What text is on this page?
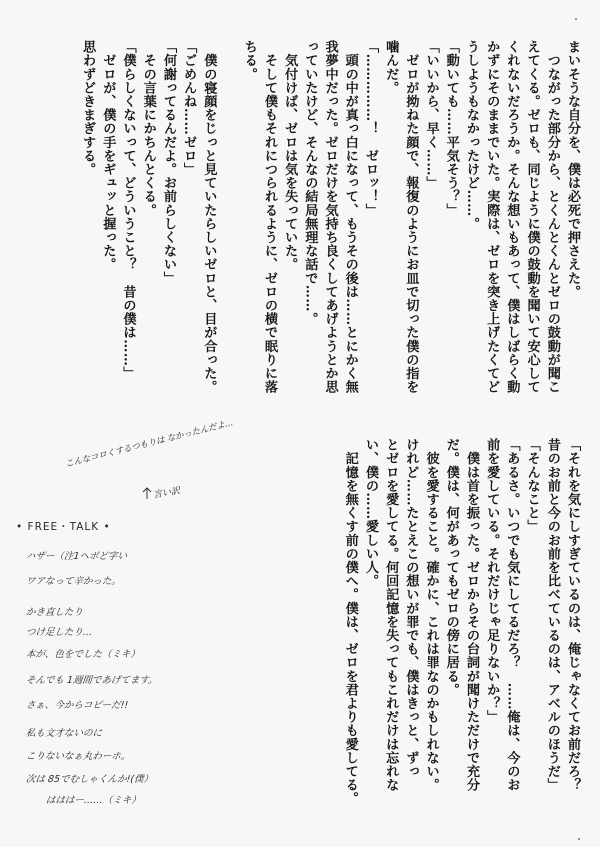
まいそうな自分を、僕は必死で押さえた。
　つながった部分から、とくんとくんとゼロの鼓動が聞こ
えてくる。ゼロも、同じように僕の鼓動を聞いて安心して
くれないだろうか。そんな想いもあって、僕はしばらく動
かずにそのままでいた。実際は、ゼロを突き上げたくてど
うしようもなかったけど……。
「動いても……平気そう？」
「いいから、早く……」
　ゼロが拗ねた顔で、報復のようにお皿で切った僕の指を
噛んだ。
「……………！　ゼロッ！」
　頭の中が真っ白になって、もうその後は……とにかく無
我夢中だった。ゼロだけを気持ち良くしてあげようとか思
っていたけど、そんなの結局無理な話で……。
　気付けば、ゼロは気を失っていた。
　そして僕もそれにつられるように、ゼロの横で眠りに落
ちる。

　僕の寝顔をじっと見ていたらしいゼロと、目が合った。
「ごめんね……ゼロ」
「何謝ってるんだよ。お前らしくない」
　その言葉にかちんとくる。
「僕らしくないって、どういうこと？　昔の僕は……」
　ゼロが、僕の手をギュッと握った。
思わずどきまぎする。
「それを気にしすぎているのは、俺じゃなくてお前だろ？
昔のお前と今のお前を比べているのは、アベルのほうだ」
「そんなこと」
「あるさ。いつでも気にしてるだろ？　……俺は、今のお
前を愛している。それだけじゃ足りないか？」
　僕は首を振った。ゼロからその台詞が聞けただけで充分
だ。僕は、何があってもゼロの傍に居る。
　彼を愛すること。確かに、これは罪なのかもしれない。
けれど……たとえこの想いが罪でも、僕はきっと、ずっ
とゼロを愛してる。何回記憶を失ってもこれだけは忘れな
い、僕の……愛しい人。
　記憶を無くす前の僕へ。僕は、ゼロを君よりも愛してる。
こんなコロくするつもりは なかったんだよ…
言い訳
• FREE・TALK •
ハザー（注1ヘボど字い
ワアなって辛かった。
かき直したり
つけ足したり…
本が、色をでした（ミキ）
そんでも 1週間であげてます。
さぁ、今からコピーだ!!
私も文才ないのに
こりないなぁ丸わーホ。
次は 85でむしゃくんか!(僕）
はははー……（ミキ）
